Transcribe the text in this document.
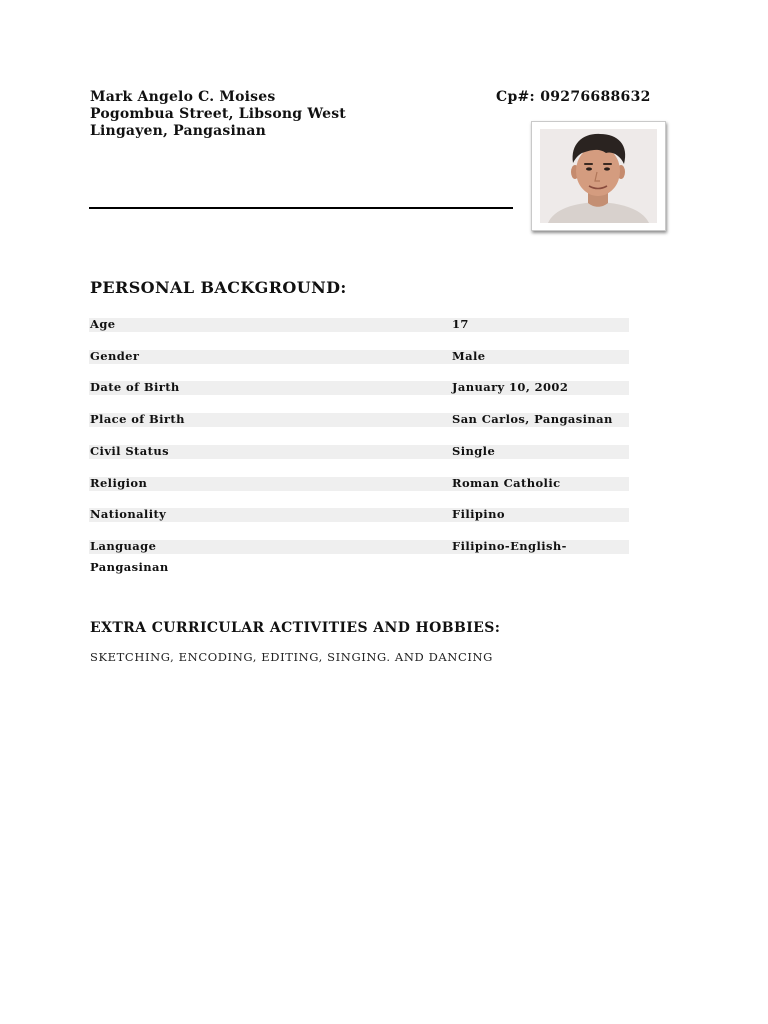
Mark Angelo C. Moises
Pogombua Street, Libsong West
Lingayen, Pangasinan
Cp#: 09276688632
PERSONAL BACKGROUND:
Age	17
Gender	Male
Date of Birth	January 10, 2002
Place of Birth	San Carlos, Pangasinan
Civil Status	Single
Religion	Roman Catholic
Nationality	Filipino
Language	Filipino-English-
Pangasinan
EXTRA CURRICULAR ACTIVITIES AND HOBBIES:
SKETCHING, ENCODING, EDITING, SINGING. AND DANCING
